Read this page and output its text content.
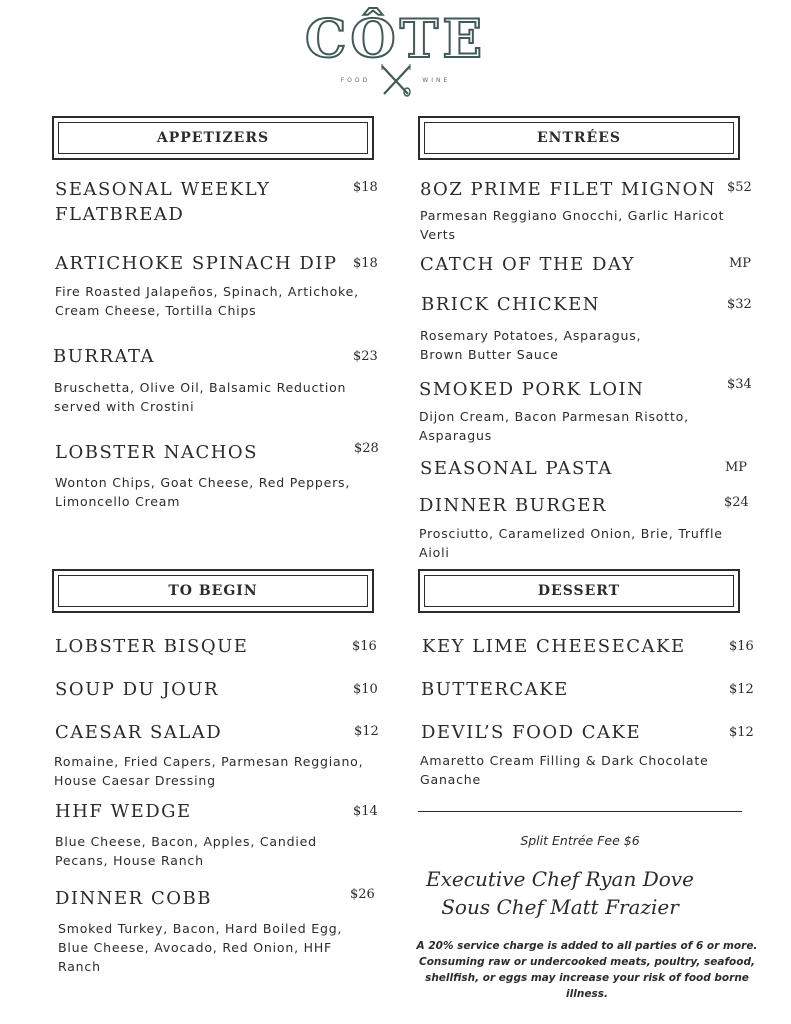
CÔTE
FOOD	WINE
APPETIZERS	ENTRÉES
TO BEGIN	DESSERT
SEASONAL WEEKLY
FLATBREAD
$18
ARTICHOKE SPINACH DIP $18
Fire Roasted Jalapeños, Spinach, Artichoke,
Cream Cheese, Tortilla Chips
BURRATA	$23
Bruschetta, Olive Oil, Balsamic Reduction
served with Crostini
LOBSTER NACHOS	$28
Wonton Chips, Goat Cheese, Red Peppers,
Limoncello Cream
8OZ PRIME FILET MIGNON $52
Parmesan Reggiano Gnocchi, Garlic Haricot
Verts
CATCH OF THE DAY	MP
BRICK CHICKEN	$32
Rosemary Potatoes, Asparagus,
Brown Butter Sauce
SMOKED PORK LOIN	$34
Dijon Cream, Bacon Parmesan Risotto,
Asparagus
SEASONAL PASTA	MP
DINNER BURGER	$24
Prosciutto, Caramelized Onion, Brie, Truffle
Aioli
LOBSTER BISQUE	$16
SOUP DU JOUR	$10
CAESAR SALAD	$12
Romaine, Fried Capers, Parmesan Reggiano,
House Caesar Dressing
HHF WEDGE	$14
Blue Cheese, Bacon, Apples, Candied
Pecans, House Ranch
DINNER COBB	$26
Smoked Turkey, Bacon, Hard Boiled Egg,
Blue Cheese, Avocado, Red Onion, HHF
Ranch
KEY LIME CHEESECAKE	$16
BUTTERCAKE	$12
DEVIL’S FOOD CAKE	$12
Amaretto Cream Filling & Dark Chocolate
Ganache
Split Entrée Fee $6
Executive Chef Ryan Dove
Sous Chef Matt Frazier
A 20% service charge is added to all parties of 6 or more.
Consuming raw or undercooked meats, poultry, seafood,
shellfish, or eggs may increase your risk of food borne illness.
